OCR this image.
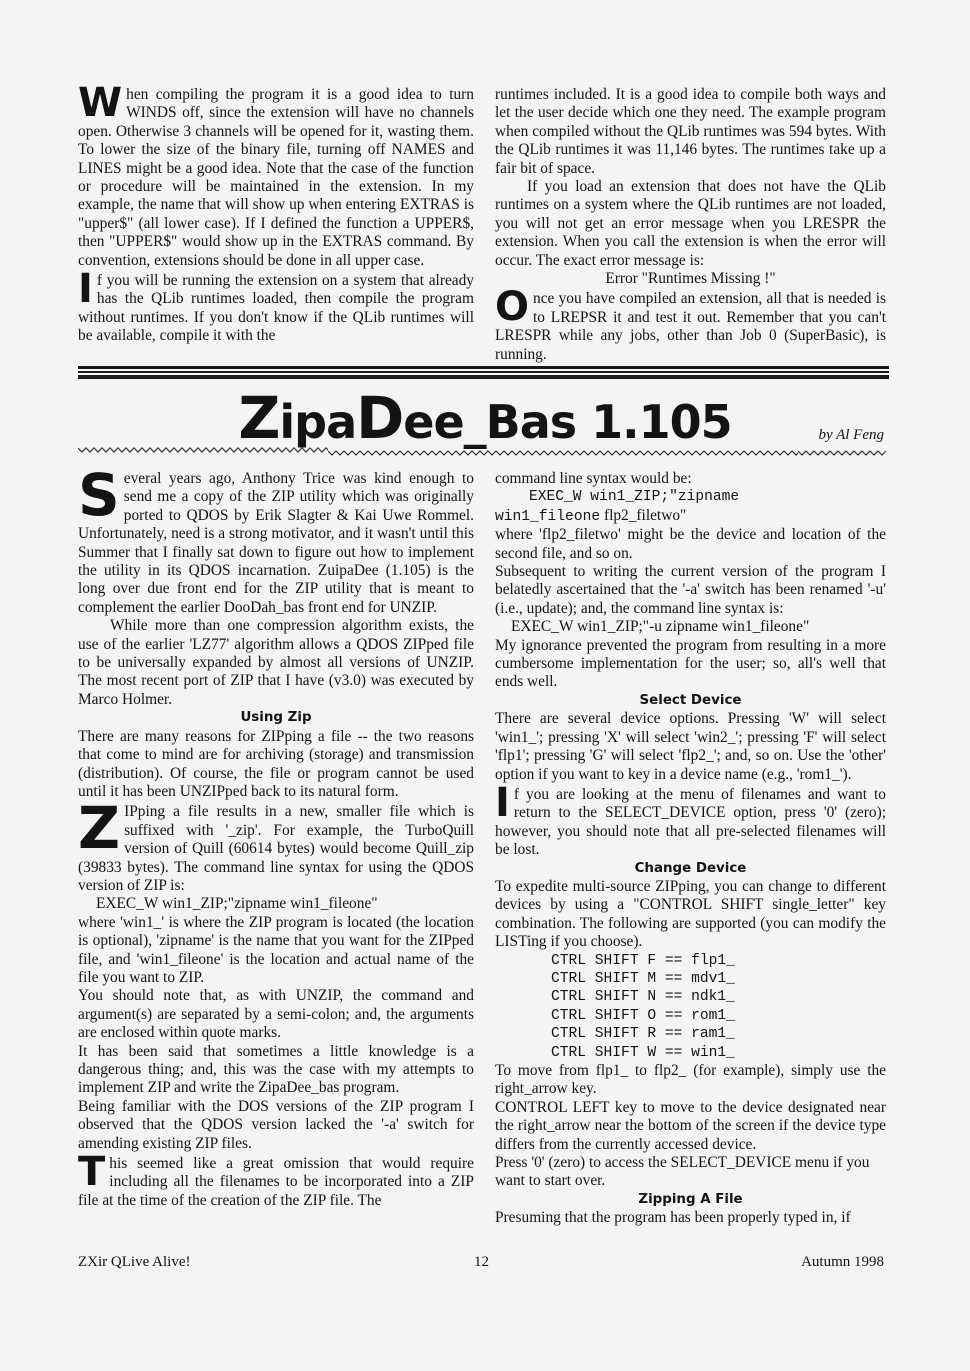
When compiling the program it is a good idea to turn WINDS off, since the extension will have no channels open. Otherwise 3 channels will be opened for it, wasting them. To lower the size of the binary file, turning off NAMES and LINES might be a good idea. Note that the case of the function or procedure will be maintained in the extension. In my example, the name that will show up when entering EXTRAS is "upper$" (all lower case). If I defined the function a UPPER$, then "UPPER$" would show up in the EXTRAS command. By convention, extensions should be done in all upper case.

If you will be running the extension on a system that already has the QLib runtimes loaded, then compile the program without runtimes. If you don't know if the QLib runtimes will be available, compile it with the

runtimes included. It is a good idea to compile both ways and let the user decide which one they need. The example program when compiled without the QLib runtimes was 594 bytes. With the QLib runtimes it was 11,146 bytes. The runtimes take up a fair bit of space.

If you load an extension that does not have the QLib runtimes on a system where the QLib runtimes are not loaded, you will not get an error message when you LRESPR the extension. When you call the extension is when the error will occur. The exact error message is:

Error "Runtimes Missing !"

Once you have compiled an extension, all that is needed is to LREPSR it and test it out. Remember that you can't LRESPR while any jobs, other than Job 0 (SuperBasic), is running.

ZipaDee_Bas 1.105	by Al Feng

Several years ago, Anthony Trice was kind enough to send me a copy of the ZIP utility which was originally ported to QDOS by Erik Slagter & Kai Uwe Rommel. Unfortunately, need is a strong motivator, and it wasn't until this Summer that I finally sat down to figure out how to implement the utility in its QDOS incarnation. ZuipaDee (1.105) is the long over due front end for the ZIP utility that is meant to complement the earlier DooDah_bas front end for UNZIP.

While more than one compression algorithm exists, the use of the earlier 'LZ77' algorithm allows a QDOS ZIPped file to be universally expanded by almost all versions of UNZIP. The most recent port of ZIP that I have (v3.0) was executed by Marco Holmer.

Using Zip

There are many reasons for ZIPping a file -- the two reasons that come to mind are for archiving (storage) and transmission (distribution). Of course, the file or program cannot be used until it has been UNZIPped back to its natural form.

Z IPping a file results in a new, smaller file which is suffixed with '_zip'. For example, the TurboQuill version of Quill (60614 bytes) would become Quill_zip (39833 bytes). The command line syntax for using the QDOS version of ZIP is:

EXEC_W win1_ZIP;"zipname win1_fileone"

where 'win1_' is where the ZIP program is located (the location is optional), 'zipname' is the name that you want for the ZIPped file, and 'win1_fileone' is the location and actual name of the file you want to ZIP.

You should note that, as with UNZIP, the command and argument(s) are separated by a semi-colon; and, the arguments are enclosed within quote marks.

It has been said that sometimes a little knowledge is a dangerous thing; and, this was the case with my attempts to implement ZIP and write the ZipaDee_bas program.

Being familiar with the DOS versions of the ZIP program I observed that the QDOS version lacked the '-a' switch for amending existing ZIP files.

This seemed like a great omission that would require including all the filenames to be incorporated into a ZIP file at the time of the creation of the ZIP file. The

command line syntax would be:

EXEC_W win1_ZIP;"zipname

win1_fileone flp2_filetwo"

where 'flp2_filetwo' might be the device and location of the second file, and so on.

Subsequent to writing the current version of the program I belatedly ascertained that the '-a' switch has been renamed '-u' (i.e., update); and, the command line syntax is:

EXEC_W win1_ZIP;"-u zipname win1_fileone"

My ignorance prevented the program from resulting in a more cumbersome implementation for the user; so, all's well that ends well.

Select Device

There are several device options. Pressing 'W' will select 'win1_'; pressing 'X' will select 'win2_'; pressing 'F' will select 'flp1'; pressing 'G' will select 'flp2_'; and, so on. Use the 'other' option if you want to key in a device name (e.g., 'rom1_').

If you are looking at the menu of filenames and want to return to the SELECT_DEVICE option, press '0' (zero); however, you should note that all pre-selected filenames will be lost.

Change Device

To expedite multi-source ZIPping, you can change to different devices by using a "CONTROL SHIFT single_letter" key combination. The following are supported (you can modify the LISTing if you choose).

CTRL SHIFT F == flp1_
CTRL SHIFT M == mdv1_
CTRL SHIFT N == ndk1_
CTRL SHIFT O == rom1_
CTRL SHIFT R == ram1_
CTRL SHIFT W == win1_

To move from flp1_ to flp2_ (for example), simply use the right_arrow key.

CONTROL LEFT key to move to the device designated near the right_arrow near the bottom of the screen if the device type differs from the currently accessed device.

Press '0' (zero) to access the SELECT_DEVICE menu if you want to start over.

Zipping A File

Presuming that the program has been properly typed in, if

ZXir QLive Alive!	12	Autumn 1998
